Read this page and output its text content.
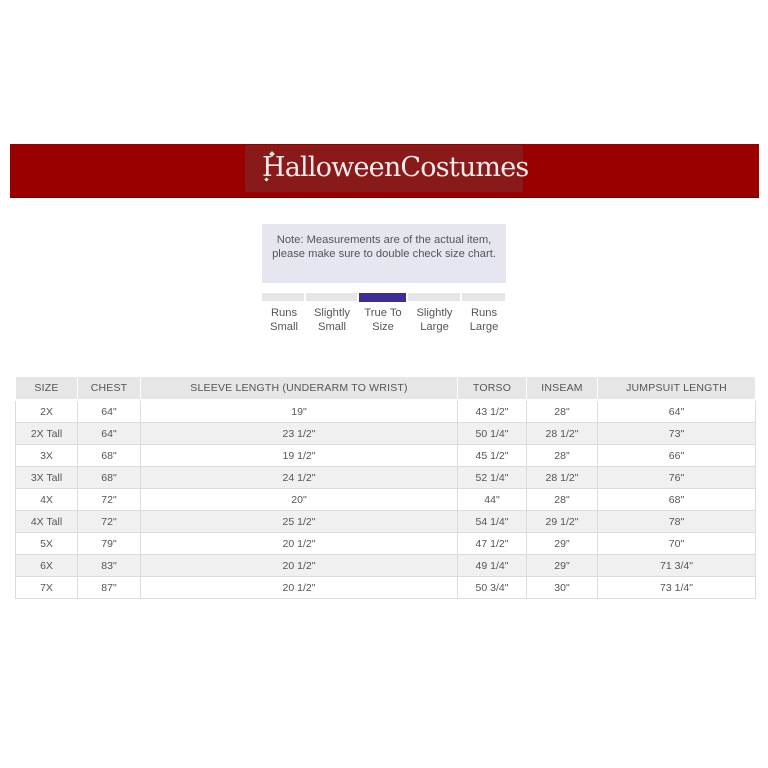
HalloweenCostumes
Note: Measurements are of the actual item, please make sure to double check size chart.
Runs Small
Slightly Small
True To Size
Slightly Large
Runs Large
SIZE	CHEST	SLEEVE LENGTH (UNDERARM TO WRIST)	TORSO	INSEAM	JUMPSUIT LENGTH
2X	64"	19"	43 1/2"	28"	64"
2X Tall	64"	23 1/2"	50 1/4"	28 1/2"	73"
3X	68"	19 1/2"	45 1/2"	28"	66"
3X Tall	68"	24 1/2"	52 1/4"	28 1/2"	76"
4X	72"	20"	44"	28"	68"
4X Tall	72"	25 1/2"	54 1/4"	29 1/2"	78"
5X	79"	20 1/2"	47 1/2"	29"	70"
6X	83"	20 1/2"	49 1/4"	29"	71 3/4"
7X	87"	20 1/2"	50 3/4"	30"	73 1/4"
